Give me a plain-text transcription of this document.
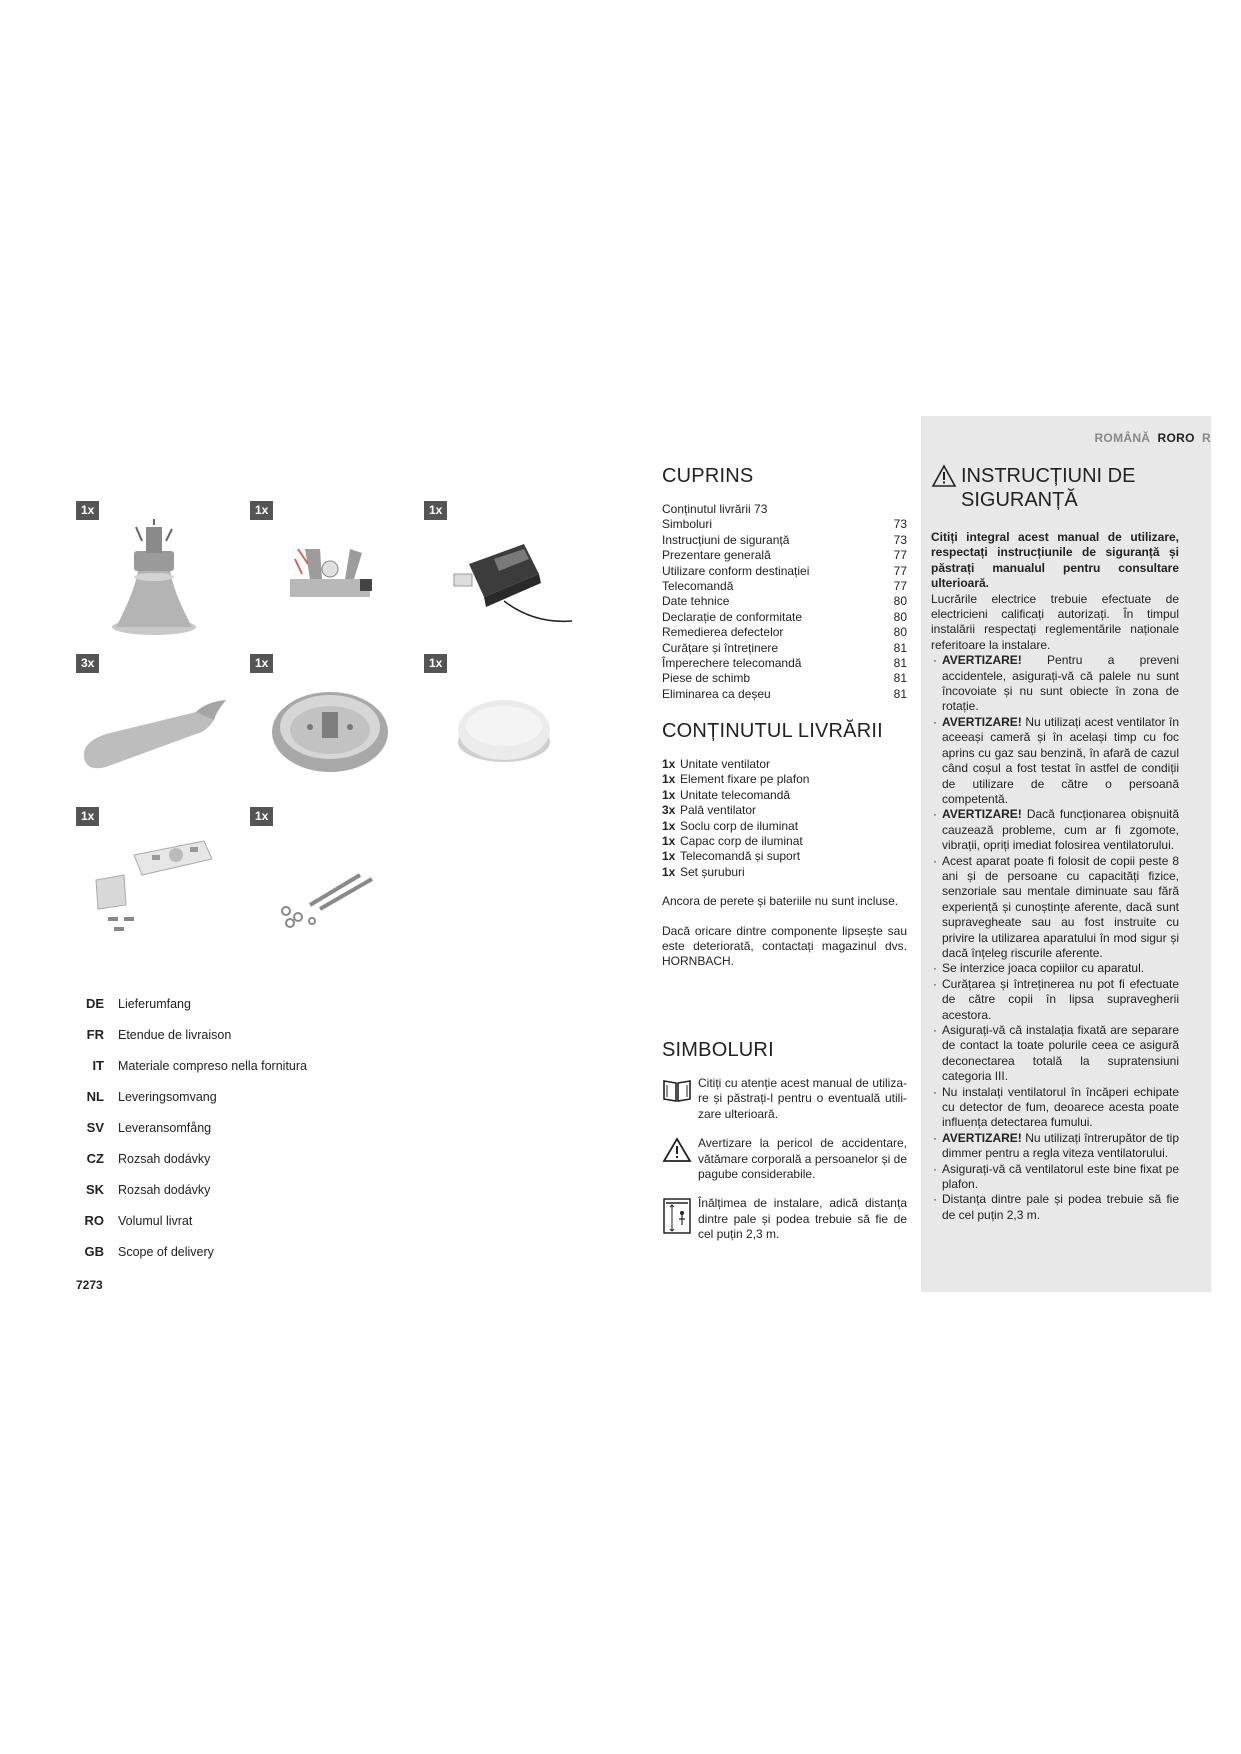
1x	1x	1x
3x	1x	1x
1x	1x
DE Lieferumfang
FR Etendue de livraison
IT Materiale compreso nella fornitura
NL Leveringsomvang
SV Leveransomfång
CZ Rozsah dodávky
SK Rozsah dodávky
RO Volumul livrat
GB Scope of delivery
7273
CUPRINS
Conținutul livrării 73
Simboluri	73
Instrucțiuni de siguranță	73
Prezentare generală	77
Utilizare conform destinației	77
Telecomandă	77
Date tehnice	80
Declarație de conformitate	80
Remedierea defectelor	80
Curățare și întreținere	81
Împerechere telecomandă	81
Piese de schimb	81
Eliminarea ca deșeu	81
CONȚINUTUL LIVRĂRII
1x Unitate ventilator
1x Element fixare pe plafon
1x Unitate telecomandă
3x Palā ventilator
1x Soclu corp de iluminat
1x Capac corp de iluminat
1x Telecomandă și suport
1x Set șuruburi
Ancora de perete și bateriile nu sunt incluse.
Dacă oricare dintre componente lipsește sau este deteriorată, contactați magazinul dvs. HORNBACH.
SIMBOLURI
Citiți cu atenție acest manual de utiliza-re și păstrați-l pentru o eventuală utili-zare ulterioară.
Avertizare la pericol de accidentare, vătămare corporală a persoanelor și de pagube considerabile.
Înălțimea de instalare, adică distanța dintre pale și podea trebuie să fie de cel puțin 2,3 m.
ROMÂNĂ RORO R
INSTRUCȚIUNI DE
SIGURANȚĂ
Citiți integral acest manual de utilizare, respectați instrucțiunile de siguranță și păstrați manualul pentru consultare ulterioară.
Lucrările electrice trebuie efectuate de electricieni calificați autorizați. În timpul instalării respectați reglementările naționale referitoare la instalare.
· AVERTIZARE! Pentru a preveni accidentele, asigurați-vă că palele nu sunt încovoiate și nu sunt obiecte în zona de rotație.
· AVERTIZARE! Nu utilizați acest ventilator în aceeași cameră și în același timp cu foc aprins cu gaz sau benzină, în afară de cazul când coșul a fost testat în astfel de condiții de utilizare de către o persoană competentă.
· AVERTIZARE! Dacă funcționarea obișnuită cauzează probleme, cum ar fi zgomote, vibrații, opriți imediat folosirea ventilatorului.
· Acest aparat poate fi folosit de copii peste 8 ani și de persoane cu capacități fizice, senzoriale sau mentale diminuate sau fără experiență și cunoștințe aferente, dacă sunt supravegheate sau au fost instruite cu privire la utilizarea aparatului în mod sigur și dacă înțeleg riscurile aferente.
· Se interzice joaca copiilor cu aparatul.
· Curățarea și întreținerea nu pot fi efectuate de către copii în lipsa supravegherii acestora.
· Asigurați-vă că instalația fixată are separare de contact la toate polurile ceea ce asigură deconectarea totală la supratensiuni categoria III.
· Nu instalați ventilatorul în încăperi echipate cu detector de fum, deoarece acesta poate influența detectarea fumului.
· AVERTIZARE! Nu utilizați întrerupător de tip dimmer pentru a regla viteza ventilatorului.
· Asigurați-vă că ventilatorul este bine fixat pe plafon.
· Distanța dintre pale și podea trebuie să fie de cel puțin 2,3 m.
